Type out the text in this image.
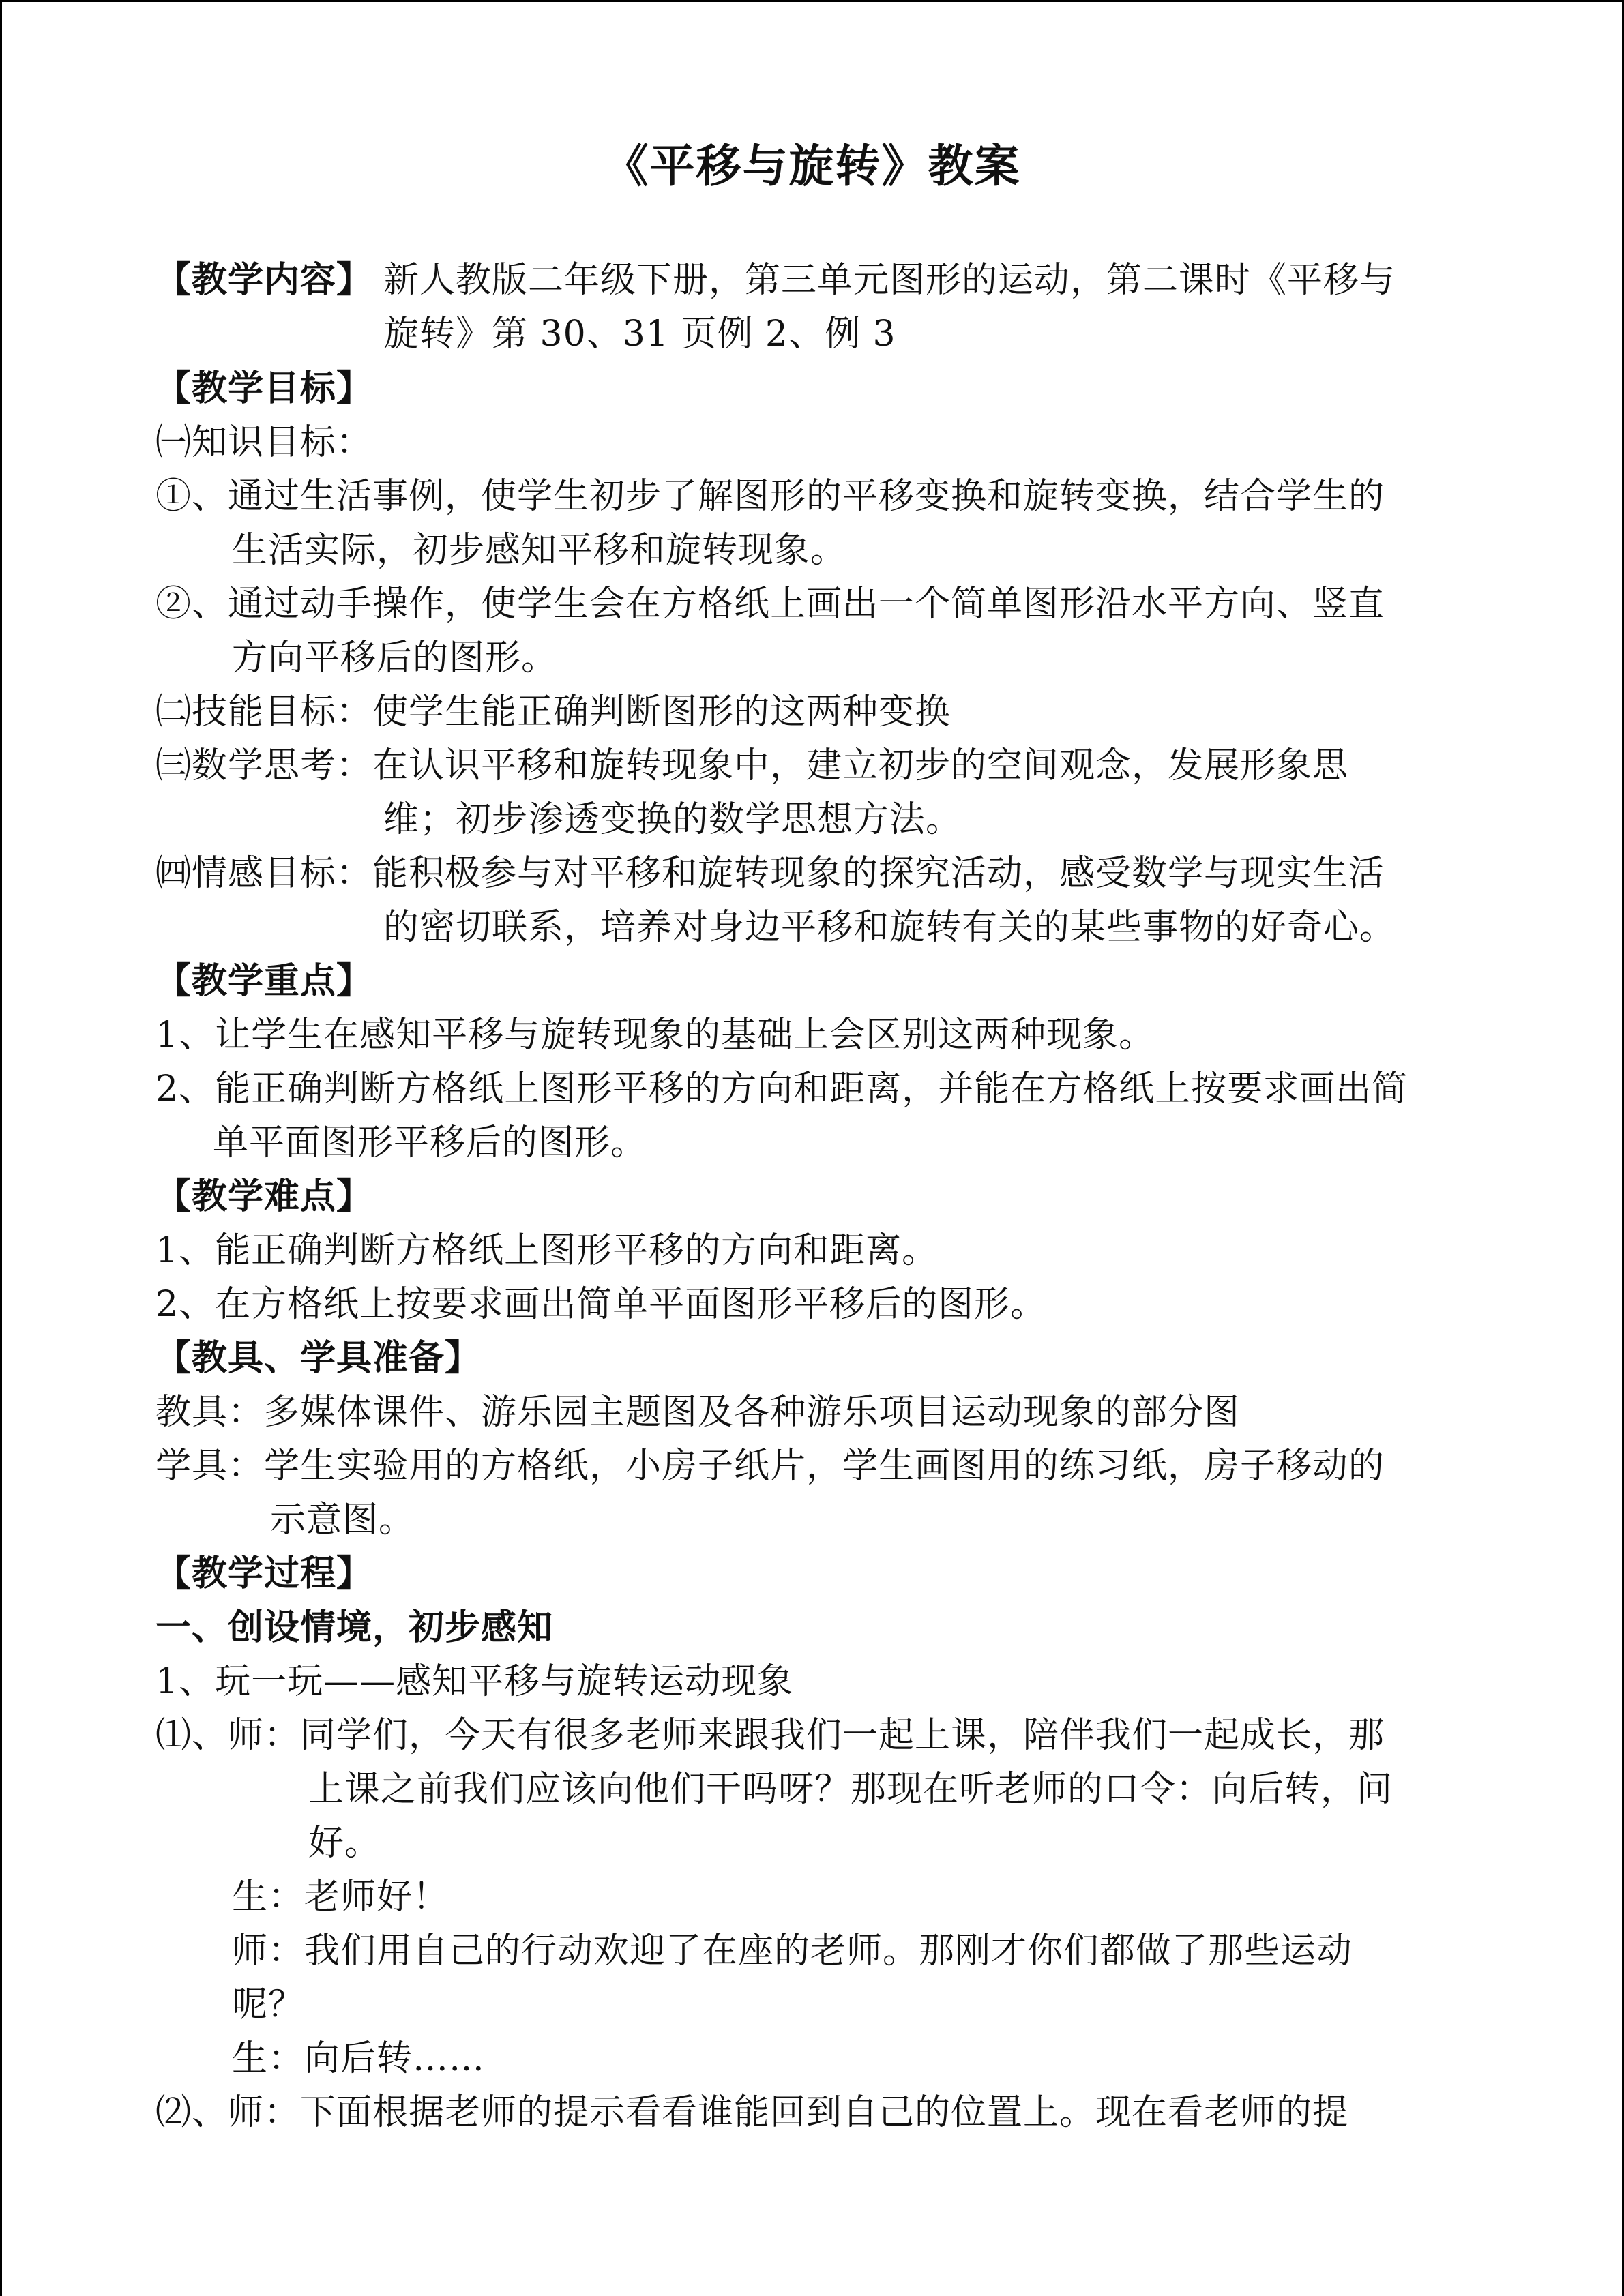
《平移与旋转》教案
【教学内容】 新人教版二年级下册，第三单元图形的运动，第二课时《平移与
旋转》第 30、31 页例 2、例 3
【教学目标】
㈠知识目标：
①、通过生活事例，使学生初步了解图形的平移变换和旋转变换，结合学生的
生活实际，初步感知平移和旋转现象。
②、通过动手操作，使学生会在方格纸上画出一个简单图形沿水平方向、竖直
方向平移后的图形。
㈡技能目标：使学生能正确判断图形的这两种变换
㈢数学思考：在认识平移和旋转现象中，建立初步的空间观念，发展形象思
维；初步渗透变换的数学思想方法。
㈣情感目标：能积极参与对平移和旋转现象的探究活动，感受数学与现实生活
的密切联系，培养对身边平移和旋转有关的某些事物的好奇心。
【教学重点】
1、让学生在感知平移与旋转现象的基础上会区别这两种现象。
2、能正确判断方格纸上图形平移的方向和距离，并能在方格纸上按要求画出简
单平面图形平移后的图形。
【教学难点】
1、能正确判断方格纸上图形平移的方向和距离。
2、在方格纸上按要求画出简单平面图形平移后的图形。
【教具、学具准备】
教具：多媒体课件、游乐园主题图及各种游乐项目运动现象的部分图
学具：学生实验用的方格纸，小房子纸片，学生画图用的练习纸，房子移动的
示意图。
【教学过程】
一、创设情境，初步感知
1、玩一玩——感知平移与旋转运动现象
⑴、师：同学们，今天有很多老师来跟我们一起上课，陪伴我们一起成长，那
上课之前我们应该向他们干吗呀？那现在听老师的口令：向后转，问
好。
生：老师好！
师：我们用自己的行动欢迎了在座的老师。那刚才你们都做了那些运动
呢？
生：向后转……
⑵、师：下面根据老师的提示看看谁能回到自己的位置上。现在看老师的提
